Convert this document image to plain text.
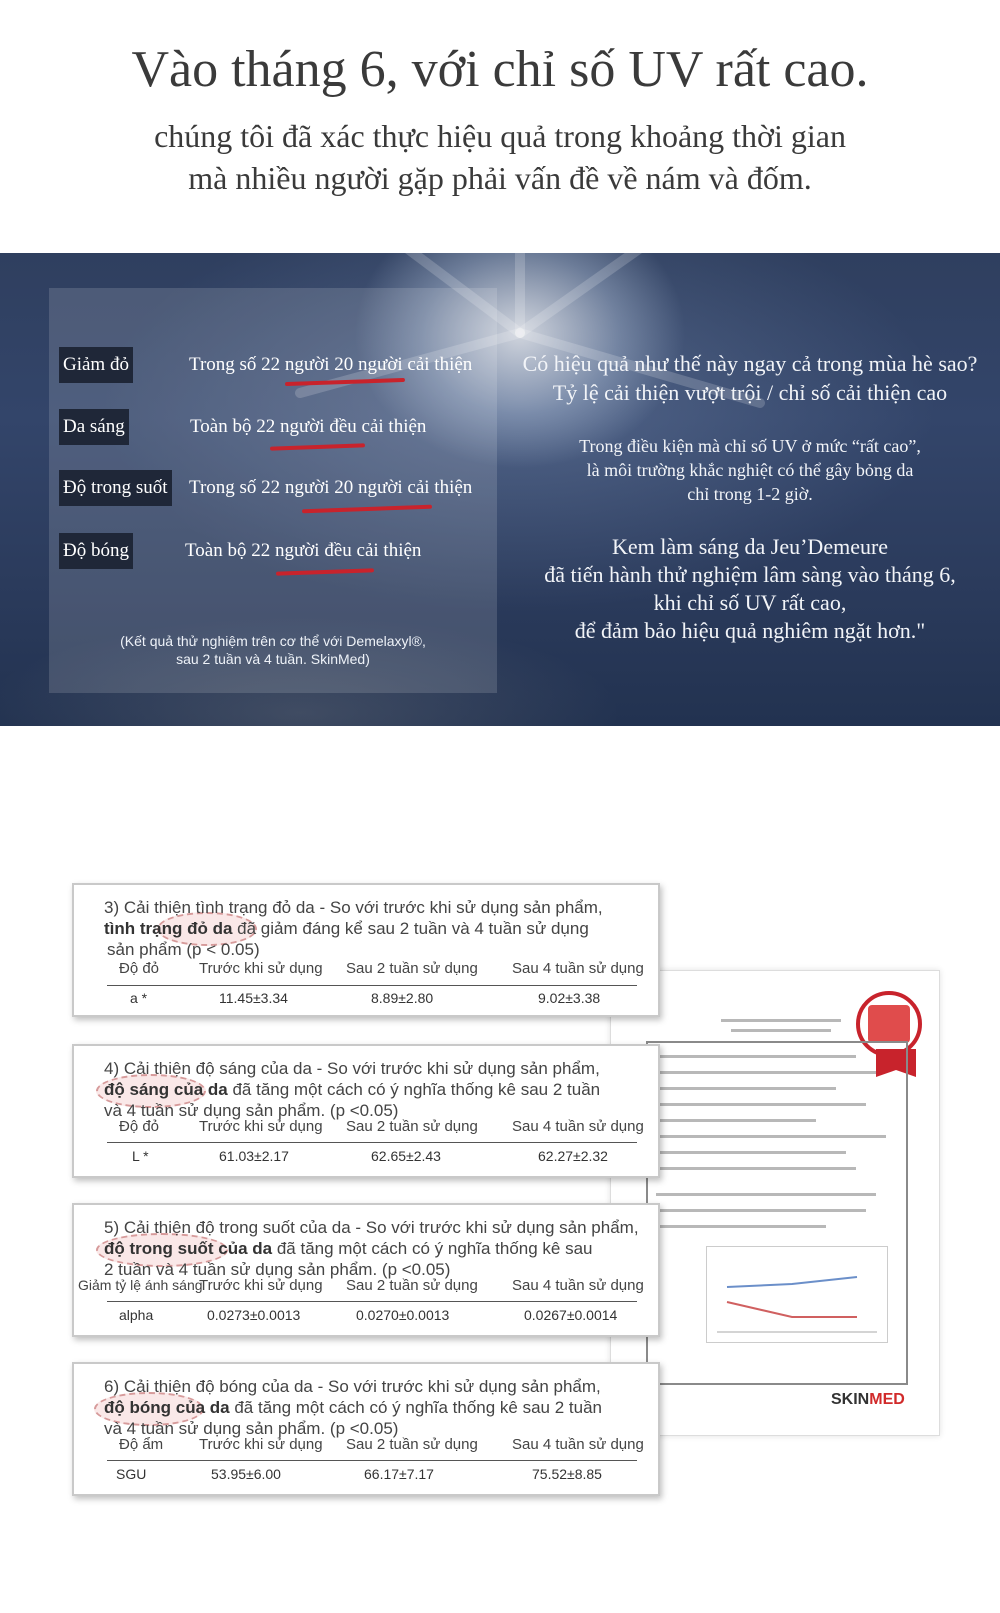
Vào tháng 6, với chỉ số UV rất cao.
chúng tôi đã xác thực hiệu quả trong khoảng thời gian
mà nhiều người gặp phải vấn đề về nám và đốm.
Giảm đỏ	Trong số 22 người 20 người cải thiện
Da sáng	Toàn bộ 22 người đều cải thiện
Độ trong suốt Trong số 22 người 20 người cải thiện
Độ bóng	Toàn bộ 22 người đều cải thiện
(Kết quả thử nghiệm trên cơ thể với Demelaxyl®,
sau 2 tuần và 4 tuần. SkinMed)
Có hiệu quả như thế này ngay cả trong mùa hè sao?
Tỷ lệ cải thiện vượt trội / chỉ số cải thiện cao
Trong điều kiện mà chỉ số UV ở mức “rất cao”,
là môi trường khắc nghiệt có thể gây bỏng da
chỉ trong 1-2 giờ.
Kem làm sáng da Jeu’Demeure
đã tiến hành thử nghiệm lâm sàng vào tháng 6,
khi chỉ số UV rất cao,
để đảm bảo hiệu quả nghiêm ngặt hơn."
SKINMED
3) Cải thiện tình trạng đỏ da - So với trước khi sử dụng sản phẩm,
tình trạng đỏ da đã giảm đáng kể sau 2 tuần và 4 tuần sử dụng
sản phẩm (p < 0.05)
Độ đỏ	Trước khi sử dụng Sau 2 tuần sử dụng Sau 4 tuần sử dụng
a *	11.45±3.34	8.89±2.80	9.02±3.38
4) Cải thiện độ sáng của da - So với trước khi sử dụng sản phẩm,
độ sáng của da đã tăng một cách có ý nghĩa thống kê sau 2 tuần
và 4 tuần sử dụng sản phẩm. (p <0.05)
Độ đỏ	Trước khi sử dụng Sau 2 tuần sử dụng Sau 4 tuần sử dụng
L *	61.03±2.17	62.65±2.43	62.27±2.32
5) Cải thiện độ trong suốt của da - So với trước khi sử dụng sản phẩm,
độ trong suốt của da đã tăng một cách có ý nghĩa thống kê sau
2 tuần và 4 tuần sử dụng sản phẩm. (p <0.05)
Giảm tỷ lệ ánh sáng
Trước khi sử dụng Sau 2 tuần sử dụng Sau 4 tuần sử dụng
alpha	0.0273±0.0013	0.0270±0.0013	0.0267±0.0014
6) Cải thiện độ bóng của da - So với trước khi sử dụng sản phẩm,
độ bóng của da đã tăng một cách có ý nghĩa thống kê sau 2 tuần
và 4 tuần sử dụng sản phẩm. (p <0.05)
Độ ẩm Trước khi sử dụng Sau 2 tuần sử dụng Sau 4 tuần sử dụng
SGU	53.95±6.00	66.17±7.17	75.52±8.85
